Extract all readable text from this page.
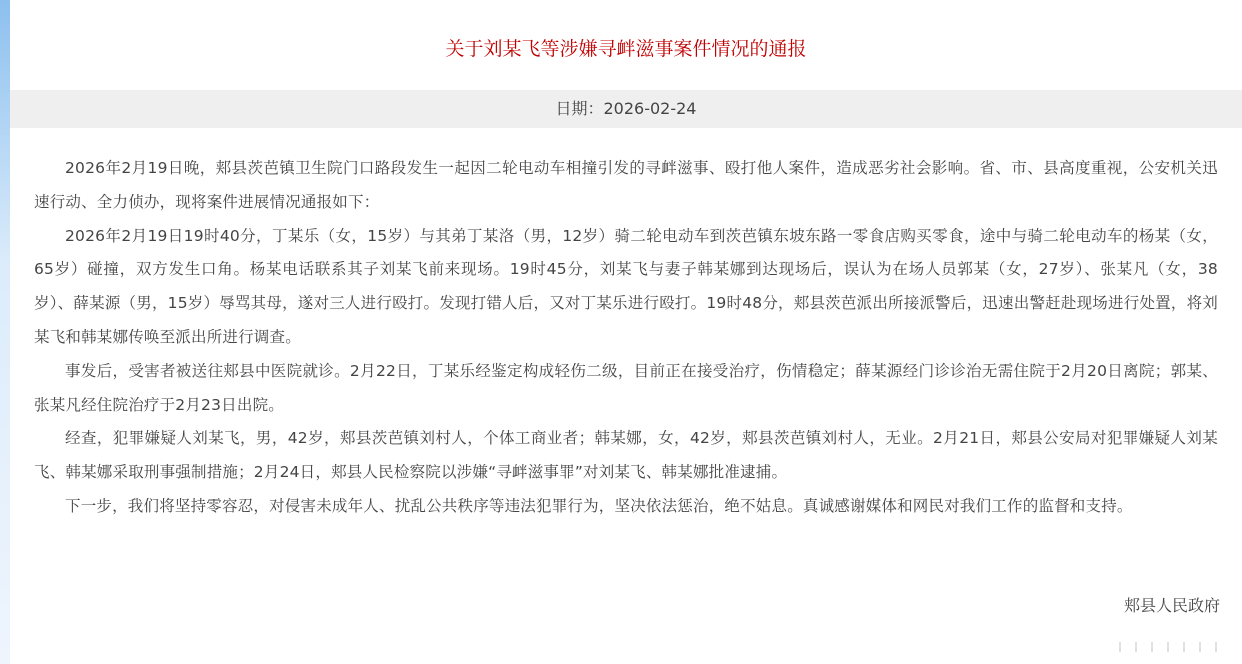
关于刘某飞等涉嫌寻衅滋事案件情况的通报
日期：2026-02-24

2026年2月19日晚，郏县茨芭镇卫生院门口路段发生一起因二轮电动车相撞引发的寻衅滋事、殴打他人案件，造成恶劣社会影响。省、市、县高度重视，公安机关迅速行动、全力侦办，现将案件进展情况通报如下：

2026年2月19日19时40分，丁某乐（女，15岁）与其弟丁某洛（男，12岁）骑二轮电动车到茨芭镇东坡东路一零食店购买零食，途中与骑二轮电动车的杨某（女，65岁）碰撞，双方发生口角。杨某电话联系其子刘某飞前来现场。19时45分，刘某飞与妻子韩某娜到达现场后，误认为在场人员郭某（女，27岁）、张某凡（女，38岁）、薛某源（男，15岁）辱骂其母，遂对三人进行殴打。发现打错人后，又对丁某乐进行殴打。19时48分，郏县茨芭派出所接派警后，迅速出警赶赴现场进行处置，将刘某飞和韩某娜传唤至派出所进行调查。

事发后，受害者被送往郏县中医院就诊。2月22日，丁某乐经鉴定构成轻伤二级，目前正在接受治疗，伤情稳定；薛某源经门诊诊治无需住院于2月20日离院；郭某、张某凡经住院治疗于2月23日出院。

经查，犯罪嫌疑人刘某飞，男，42岁，郏县茨芭镇刘村人，个体工商业者；韩某娜，女，42岁，郏县茨芭镇刘村人，无业。2月21日，郏县公安局对犯罪嫌疑人刘某飞、韩某娜采取刑事强制措施；2月24日，郏县人民检察院以涉嫌“寻衅滋事罪”对刘某飞、韩某娜批准逮捕。

下一步，我们将坚持零容忍，对侵害未成年人、扰乱公共秩序等违法犯罪行为，坚决依法惩治，绝不姑息。真诚感谢媒体和网民对我们工作的监督和支持。

郏县人民政府
